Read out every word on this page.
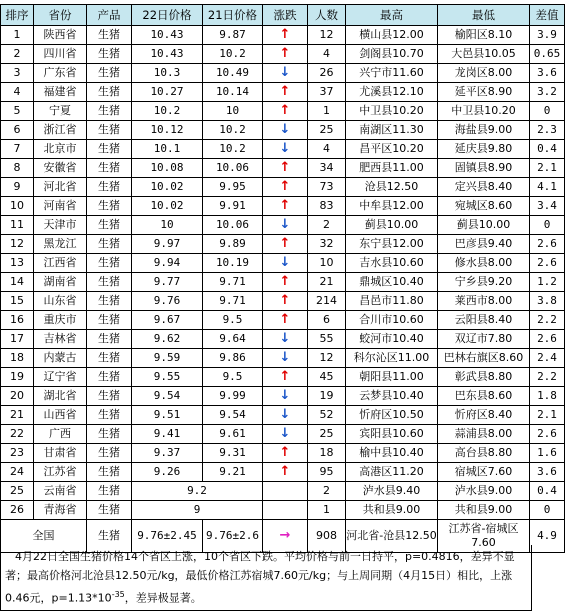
排序	省份	产品	22日价格	21日价格	涨跌	人数	最高	最低	差值
1	陕西省	生猪	10.43	9.87	↑	12	横山县12.00	榆阳区8.10	3.9
2	四川省	生猪	10.43	10.2	↑	4	剑阁县10.70	大邑县10.05	0.65
3	广东省	生猪	10.3	10.49	↓	26	兴宁市11.60	龙岗区8.00	3.6
4	福建省	生猪	10.27	10.14	↑	37	尤溪县12.10	延平区8.90	3.2
5	宁夏	生猪	10.2	10	↑	1	中卫县10.20	中卫县10.20	0
6	浙江省	生猪	10.12	10.2	↓	25	南湖区11.30	海盐县9.00	2.3
7	北京市	生猪	10.1	10.2	↓	4	昌平区10.20	延庆县9.80	0.4
8	安徽省	生猪	10.08	10.06	↑	34	肥西县11.00	固镇县8.90	2.1
9	河北省	生猪	10.02	9.95	↑	73	沧县12.50	定兴县8.40	4.1
10	河南省	生猪	10.02	9.91	↑	83	中牟县12.00	宛城区8.60	3.4
11	天津市	生猪	10	10.06	↓	2	蓟县10.00	蓟县10.00	0
12	黑龙江	生猪	9.97	9.89	↑	32	东宁县12.00	巴彦县9.40	2.6
13	江西省	生猪	9.94	10.19	↓	10	吉水县10.60	修水县8.00	2.6
14	湖南省	生猪	9.77	9.71	↑	21	鼎城区10.40	宁乡县9.20	1.2
15	山东省	生猪	9.76	9.71	↑	214	昌邑市11.80	莱西市8.00	3.8
16	重庆市	生猪	9.67	9.5	↑	6	合川市10.60	云阳县8.40	2.2
17	吉林省	生猪	9.62	9.64	↓	55	蛟河市10.40	双辽市7.80	2.6
18	内蒙古	生猪	9.59	9.86	↓	12	科尔沁区11.00	巴林右旗区8.60	2.4
19	辽宁省	生猪	9.55	9.5	↑	45	朝阳县11.00	彰武县8.80	2.2
20	湖北省	生猪	9.54	9.99	↓	19	云梦县10.40	巴东县8.60	1.8
21	山西省	生猪	9.51	9.54	↓	52	忻府区10.50	忻府区8.40	2.1
22	广西	生猪	9.41	9.61	↓	25	宾阳县10.60	蒜浦县8.00	2.6
23	甘肃省	生猪	9.37	9.31	↑	18	榆中县10.40	高台县8.80	1.6
24	江苏省	生猪	9.26	9.21	↑	95	高港区11.20	宿城区7.60	3.6
25	云南省	生猪	9.2			2	泸水县9.40	泸水县9.00	0.4
26	青海省	生猪	9			1	共和县9.00	共和县9.00	0
全国		生猪	9.76±2.45	9.76±2.6	→	908	河北省-沧县12.50	江苏省-宿城区7.60	4.9
4月22日全国生猪价格14个省区上涨，10个省区下跌。平均价格与前一日持平，p=0.4816，差异不显著；最高价格河北沧县12.50元/kg，最低价格江苏宿城7.60元/kg；与上周同期（4月15日）相比，上涨0.46元，$p=1.13*10^{-35}$，差异极显著。
